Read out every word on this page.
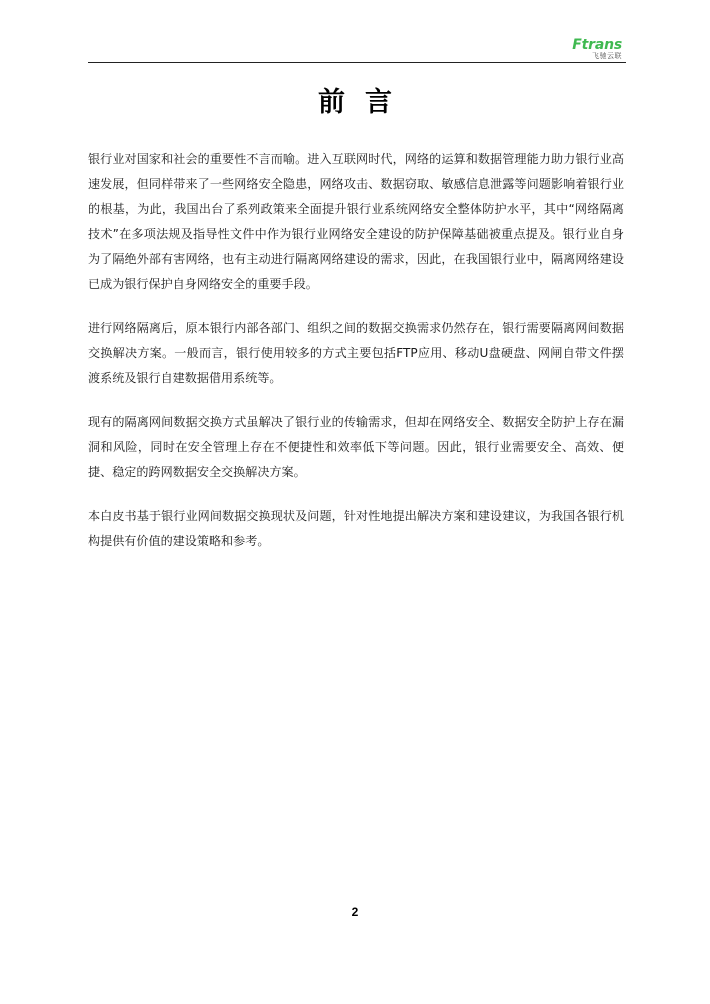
Ftrans
飞驰云联
前言

银行业对国家和社会的重要性不言而喻。进入互联网时代，网络的运算和数据管理能力助力银行业高速发展，但同样带来了一些网络安全隐患，网络攻击、数据窃取、敏感信息泄露等问题影响着银行业的根基，为此，我国出台了系列政策来全面提升银行业系统网络安全整体防护水平，其中“网络隔离技术”在多项法规及指导性文件中作为银行业网络安全建设的防护保障基础被重点提及。银行业自身为了隔绝外部有害网络，也有主动进行隔离网络建设的需求，因此，在我国银行业中，隔离网络建设已成为银行保护自身网络安全的重要手段。

进行网络隔离后，原本银行内部各部门、组织之间的数据交换需求仍然存在，银行需要隔离网间数据交换解决方案。一般而言，银行使用较多的方式主要包括FTP应用、移动U盘硬盘、网闸自带文件摆渡系统及银行自建数据借用系统等。

现有的隔离网间数据交换方式虽解决了银行业的传输需求，但却在网络安全、数据安全防护上存在漏洞和风险，同时在安全管理上存在不便捷性和效率低下等问题。因此，银行业需要安全、高效、便捷、稳定的跨网数据安全交换解决方案。

本白皮书基于银行业网间数据交换现状及问题，针对性地提出解决方案和建设建议，为我国各银行机构提供有价值的建设策略和参考。

2
